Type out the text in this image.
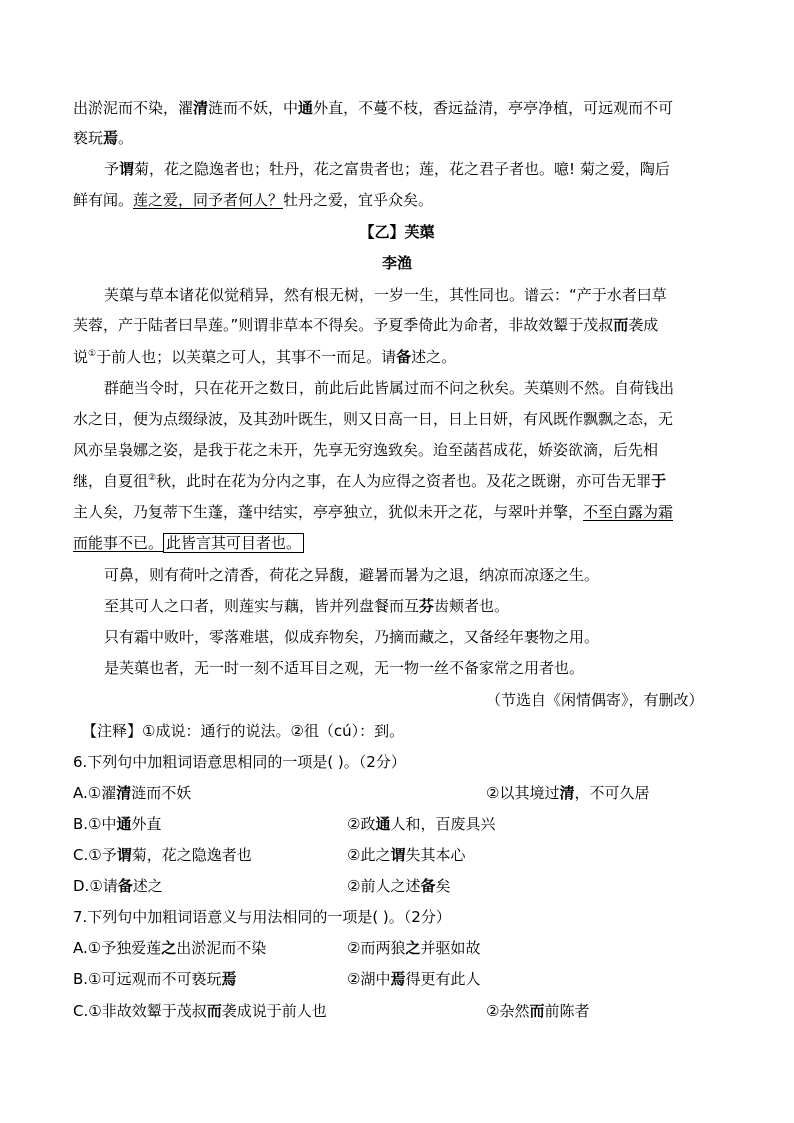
出淤泥而不染，濯清涟而不妖，中通外直，不蔓不枝，香远益清，亭亭净植，可远观而不可
亵玩焉。
予谓菊，花之隐逸者也；牡丹，花之富贵者也；莲，花之君子者也。噫! 菊之爱，陶后
鲜有闻。莲之爱，同予者何人？牡丹之爱，宜乎众矣。
【乙】芙蕖
李渔
芙蕖与草本诸花似觉稍异，然有根无树，一岁一生，其性同也。谱云：“产于水者曰草
芙蓉，产于陆者曰旱莲。”则谓非草本不得矣。予夏季倚此为命者，非故效颦于茂叔而袭成
说①于前人也；以芙蕖之可人，其事不一而足。请备述之。
群葩当令时，只在花开之数日，前此后此皆属过而不问之秋矣。芙蕖则不然。自荷钱出
水之日，便为点缀绿波，及其劲叶既生，则又日高一日，日上日妍，有风既作飘飘之态，无
风亦呈袅娜之姿，是我于花之未开，先享无穷逸致矣。迨至菡萏成花，娇姿欲滴，后先相
继，自夏徂②秋，此时在花为分内之事，在人为应得之资者也。及花之既谢，亦可告无罪于
主人矣，乃复蒂下生蓬，蓬中结实，亭亭独立，犹似未开之花，与翠叶并擎，不至白露为霜
而能事不已。 此皆言其可目者也。
可鼻，则有荷叶之清香，荷花之异馥，避暑而暑为之退，纳凉而凉逐之生。
至其可人之口者，则莲实与藕，皆并列盘餐而互芬齿颊者也。
只有霜中败叶，零落难堪，似成弃物矣，乃摘而藏之，又备经年裹物之用。
是芙蕖也者，无一时一刻不适耳目之观，无一物一丝不备家常之用者也。
（节选自《闲情偶寄》，有删改）
【注释】①成说：通行的说法。②徂（cú）：到。
6.下列句中加粗词语意思相同的一项是( )。（2分）
A.①濯清涟而不妖	②以其境过清，不可久居
B.①中通外直	②政通人和，百废具兴
C.①予谓菊，花之隐逸者也	②此之谓失其本心
D.①请备述之	②前人之述备矣
7.下列句中加粗词语意义与用法相同的一项是( )。（2分）
A.①予独爱莲之出淤泥而不染	②而两狼之并驱如故
B.①可远观而不可亵玩焉	②湖中焉得更有此人
C.①非故效颦于茂叔而袭成说于前人也	②杂然而前陈者
